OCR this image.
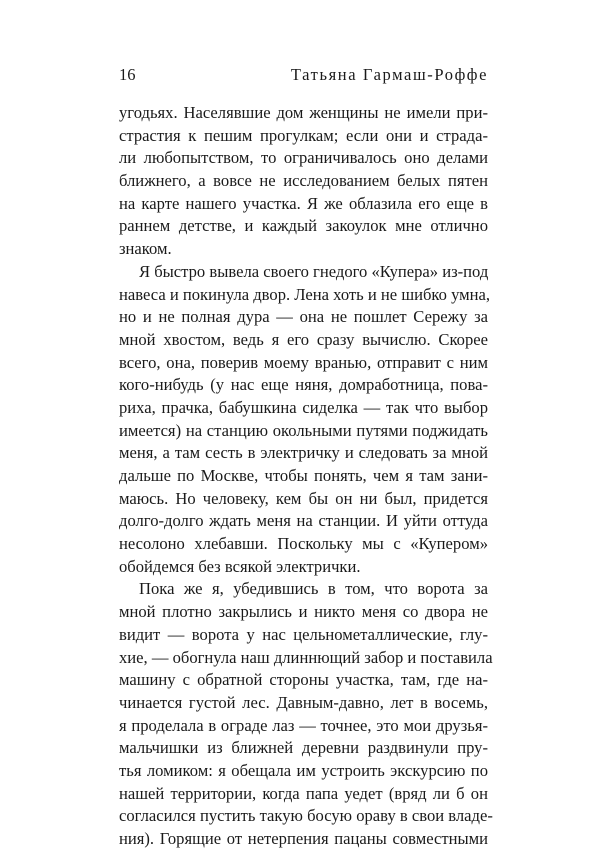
16	Татьяна Гармаш-Роффе
угодьях. Населявшие дом женщины не имели при-
страстия к пешим прогулкам; если они и страда-
ли любопытством, то ограничивалось оно делами
ближнего, а вовсе не исследованием белых пятен
на карте нашего участка. Я же облазила его еще в
раннем детстве, и каждый закоулок мне отлично
знаком.
Я быстро вывела своего гнедого «Купера» из-под
навеса и покинула двор. Лена хоть и не шибко умна,
но и не полная дура — она не пошлет Сережу за
мной хвостом, ведь я его сразу вычислю. Скорее
всего, она, поверив моему вранью, отправит с ним
кого-нибудь (у нас еще няня, домработница, пова-
риха, прачка, бабушкина сиделка — так что выбор
имеется) на станцию окольными путями поджидать
меня, а там сесть в электричку и следовать за мной
дальше по Москве, чтобы понять, чем я там зани-
маюсь. Но человеку, кем бы он ни был, придется
долго-долго ждать меня на станции. И уйти оттуда
несолоно хлебавши. Поскольку мы с «Купером»
обойдемся без всякой электрички.
Пока же я, убедившись в том, что ворота за
мной плотно закрылись и никто меня со двора не
видит — ворота у нас цельнометаллические, глу-
хие, — обогнула наш длиннющий забор и поставила
машину с обратной стороны участка, там, где на-
чинается густой лес. Давным-давно, лет в восемь,
я проделала в ограде лаз — точнее, это мои друзья-
мальчишки из ближней деревни раздвинули пру-
тья ломиком: я обещала им устроить экскурсию по
нашей территории, когда папа уедет (вряд ли б он
согласился пустить такую босую ораву в свои владе-
ния). Горящие от нетерпения пацаны совместными
